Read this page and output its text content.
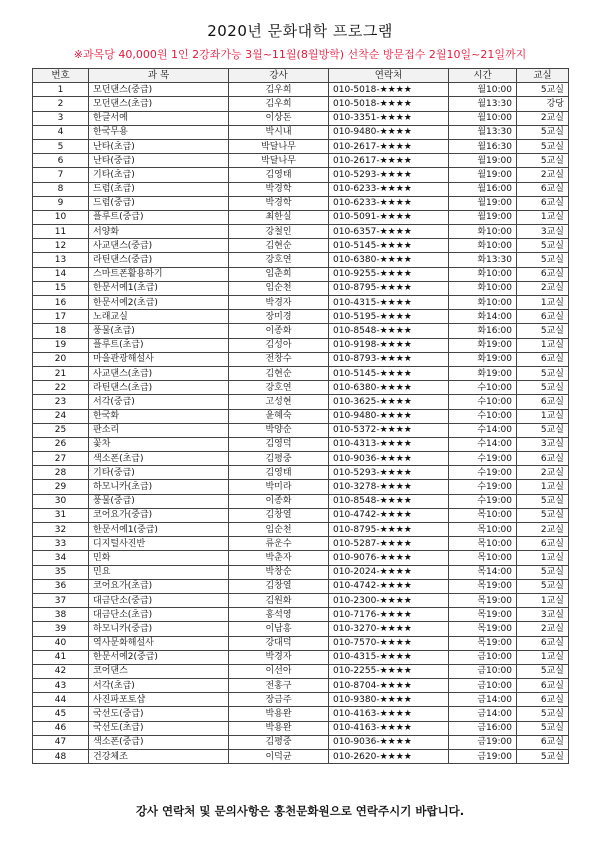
2020년 문화대학 프로그램
※과목당 40,000원 1인 2강좌가능 3월~11월(8월방학) 선착순 방문접수 2월10일~21일까지
번호	과 목	강사	연락처	시간	교실
1	모던댄스(중급)	김우희	010-5018-★★★★	월10:00	5교실
2	모던댄스(초급)	김우희	010-5018-★★★★	월13:30	강당
3	한글서예	이상돈	010-3351-★★★★	월10:00	2교실
4	한국무용	박시내	010-9480-★★★★	월13:30	5교실
5	난타(초급)	박달나무	010-2617-★★★★	월16:30	5교실
6	난타(중급)	박달나무	010-2617-★★★★	월19:00	5교실
7	기타(초급)	김영태	010-5293-★★★★	월19:00	2교실
8	드럼(초급)	박경학	010-6233-★★★★	월16:00	6교실
9	드럼(중급)	박경학	010-6233-★★★★	월19:00	6교실
10	플루트(중급)	최한실	010-5091-★★★★	월19:00	1교실
11	서양화	강철인	010-6357-★★★★	화10:00	3교실
12	사교댄스(중급)	김현순	010-5145-★★★★	화10:00	5교실
13	라틴댄스(중급)	강호연	010-6380-★★★★	화13:30	5교실
14	스마트폰활용하기	임춘희	010-9255-★★★★	화10:00	6교실
15	한문서예1(초급)	임순천	010-8795-★★★★	화10:00	2교실
16	한문서예2(초급)	박경자	010-4315-★★★★	화10:00	1교실
17	노래교실	장미경	010-5195-★★★★	화14:00	6교실
18	풍물(초급)	이종화	010-8548-★★★★	화16:00	5교실
19	플루트(초급)	김성아	010-9198-★★★★	화19:00	1교실
20	마을관광해설사	전창수	010-8793-★★★★	화19:00	6교실
21	사교댄스(초급)	김현순	010-5145-★★★★	화19:00	5교실
22	라틴댄스(초급)	강호연	010-6380-★★★★	수10:00	5교실
23	서각(중급)	고성현	010-3625-★★★★	수10:00	6교실
24	한국화	윤혜숙	010-9480-★★★★	수10:00	1교실
25	판소리	박양순	010-5372-★★★★	수14:00	5교실
26	꽃차	김영덕	010-4313-★★★★	수14:00	3교실
27	색소폰(초급)	김평중	010-9036-★★★★	수19:00	6교실
28	기타(중급)	김영태	010-5293-★★★★	수19:00	2교실
29	하모니카(초급)	박미라	010-3278-★★★★	수19:00	1교실
30	풍물(중급)	이종화	010-8548-★★★★	수19:00	5교실
31	코어요가(중급)	김창열	010-4742-★★★★	목10:00	5교실
32	한문서예1(중급)	임순천	010-8795-★★★★	목10:00	2교실
33	디지털사진반	류운수	010-5287-★★★★	목10:00	6교실
34	민화	박춘자	010-9076-★★★★	목10:00	1교실
35	민요	박창순	010-2024-★★★★	목14:00	5교실
36	코어요가(초급)	김창열	010-4742-★★★★	목19:00	5교실
37	대금단소(중급)	김원화	010-2300-★★★★	목19:00	1교실
38	대금단소(초급)	홍석영	010-7176-★★★★	목19:00	3교실
39	하모니카(중급)	이남흥	010-3270-★★★★	목19:00	2교실
40	역사문화해설사	강대덕	010-7570-★★★★	목19:00	6교실
41	한문서예2(중급)	박경자	010-4315-★★★★	금10:00	1교실
42	코어댄스	이선아	010-2255-★★★★	금10:00	5교실
43	서각(초급)	전홍구	010-8704-★★★★	금10:00	6교실
44	사진파포토샵	장금주	010-9380-★★★★	금14:00	6교실
45	국선도(중급)	박용완	010-4163-★★★★	금14:00	5교실
46	국선도(초급)	박용완	010-4163-★★★★	금16:00	5교실
47	색소폰(중급)	김평중	010-9036-★★★★	금19:00	6교실
48	건강체조	이덕균	010-2620-★★★★	금19:00	5교실
강사 연락처 및 문의사항은 홍천문화원으로 연락주시기 바랍니다.
